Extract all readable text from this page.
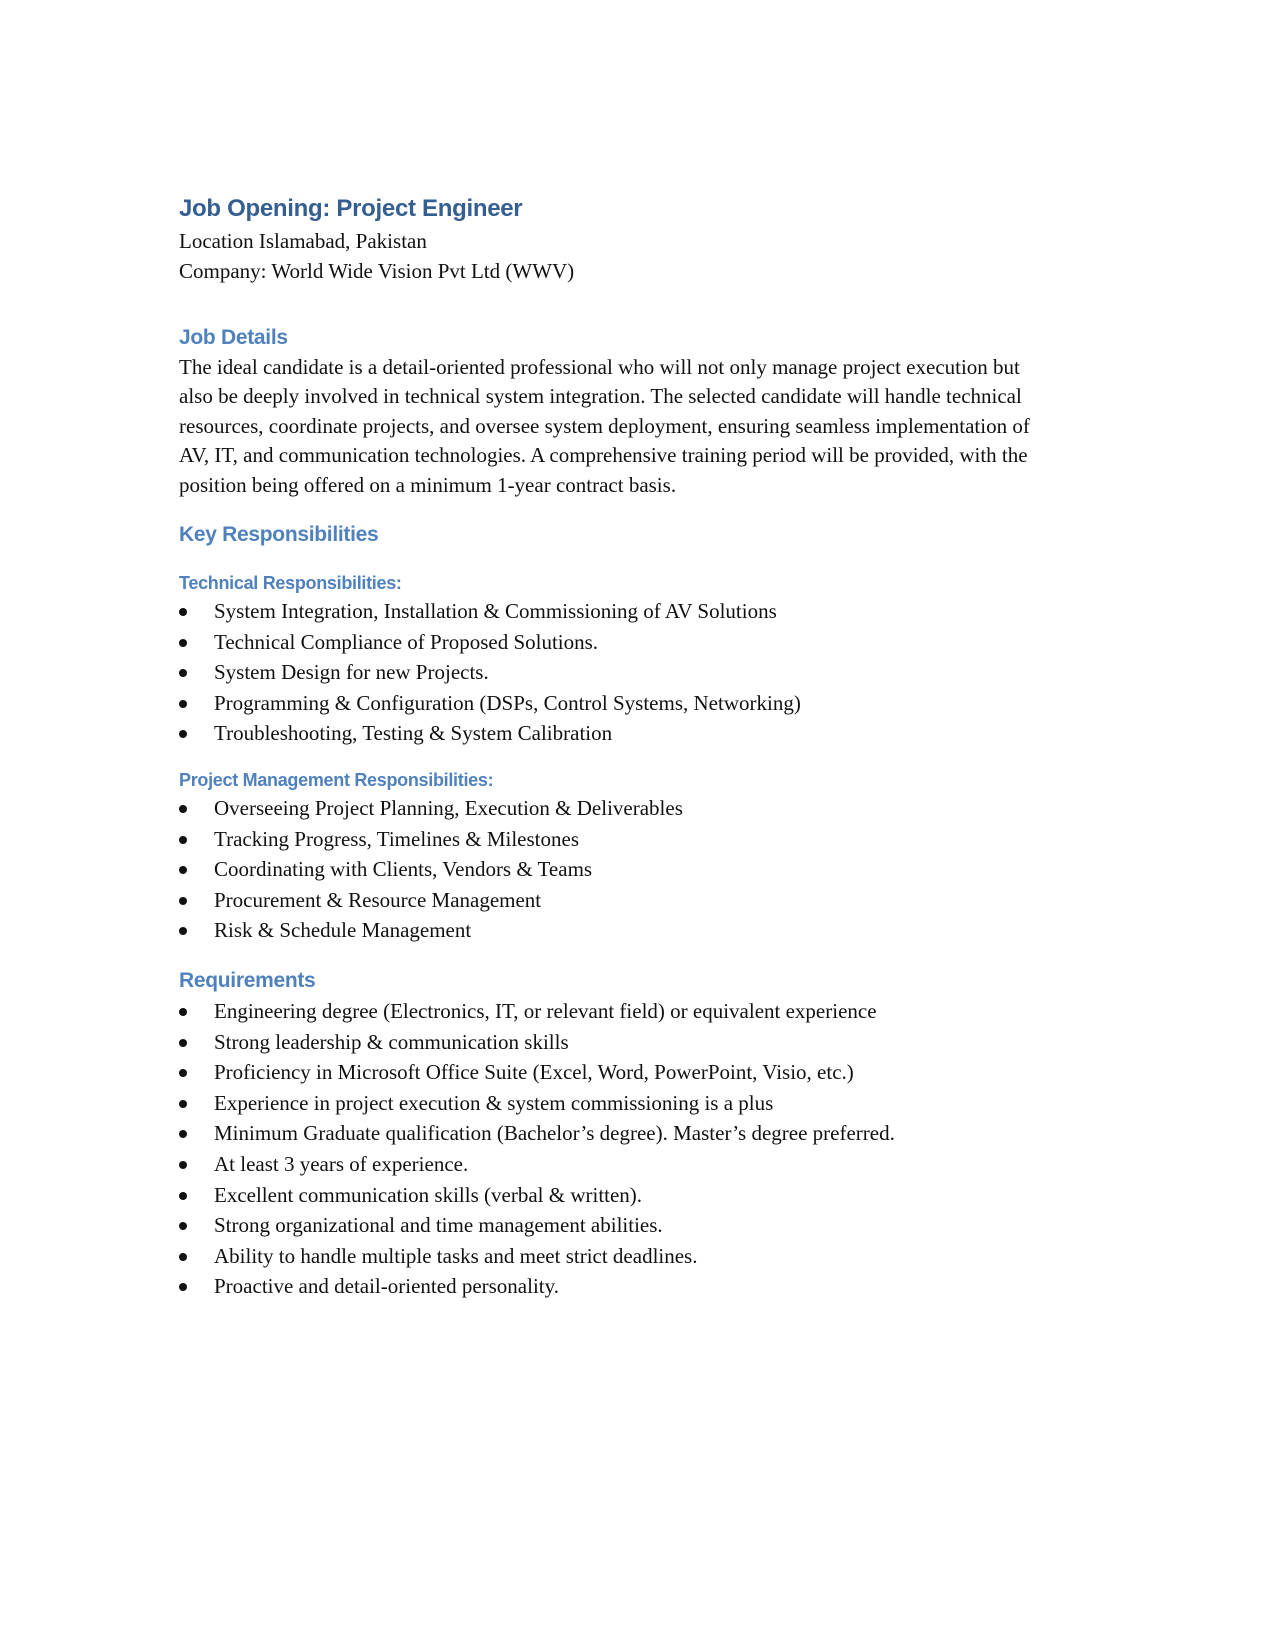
Job Opening: Project Engineer

Location Islamabad, Pakistan

Company: World Wide Vision Pvt Ltd (WWV)

Job Details

The ideal candidate is a detail-oriented professional who will not only manage project execution but also be deeply involved in technical system integration. The selected candidate will handle technical resources, coordinate projects, and oversee system deployment, ensuring seamless implementation of AV, IT, and communication technologies. A comprehensive training period will be provided, with the position being offered on a minimum 1-year contract basis.

Key Responsibilities
Technical Responsibilities:
System Integration, Installation & Commissioning of AV Solutions
Technical Compliance of Proposed Solutions.
System Design for new Projects.
Programming & Configuration (DSPs, Control Systems, Networking)
Troubleshooting, Testing & System Calibration
Project Management Responsibilities:
Overseeing Project Planning, Execution & Deliverables
Tracking Progress, Timelines & Milestones
Coordinating with Clients, Vendors & Teams
Procurement & Resource Management
Risk & Schedule Management
Requirements
Engineering degree (Electronics, IT, or relevant field) or equivalent experience
Strong leadership & communication skills
Proficiency in Microsoft Office Suite (Excel, Word, PowerPoint, Visio, etc.)
Experience in project execution & system commissioning is a plus
Minimum Graduate qualification (Bachelor’s degree). Master’s degree preferred.
At least 3 years of experience.
Excellent communication skills (verbal & written).
Strong organizational and time management abilities.
Ability to handle multiple tasks and meet strict deadlines.
Proactive and detail-oriented personality.
